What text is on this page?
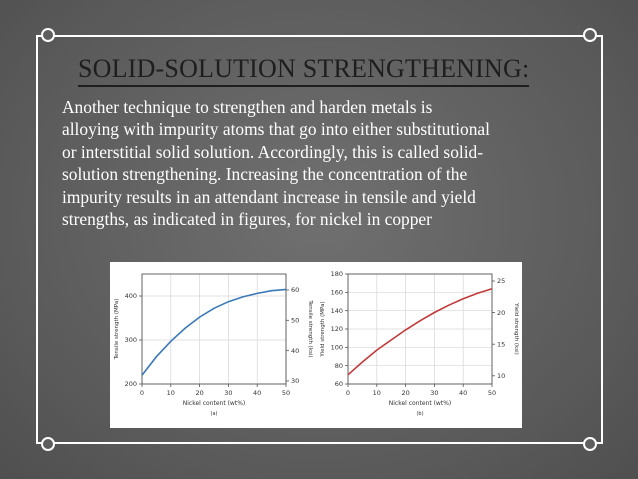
SOLID-SOLUTION STRENGTHENING:

Another technique to strengthen and harden metals is
alloying with impurity atoms that go into either substitutional
or interstitial solid solution. Accordingly, this is called solid-
solution strengthening. Increasing the concentration of the
impurity results in an attendant increase in tensile and yield
strengths, as indicated in figures, for nickel in copper

0	10	20	30	40	50
200
300
400
30
40
50
60
Nickel content (wt%)
Tensile strength (MPa)	Tensile strength (ksi)
(a)
0	10	20	30	40	50
60
80
100
120
140
160
180
10
15
20
25
Nickel content (wt%)
Yield strength (MPa)	Yield strength (ksi)
(b)
